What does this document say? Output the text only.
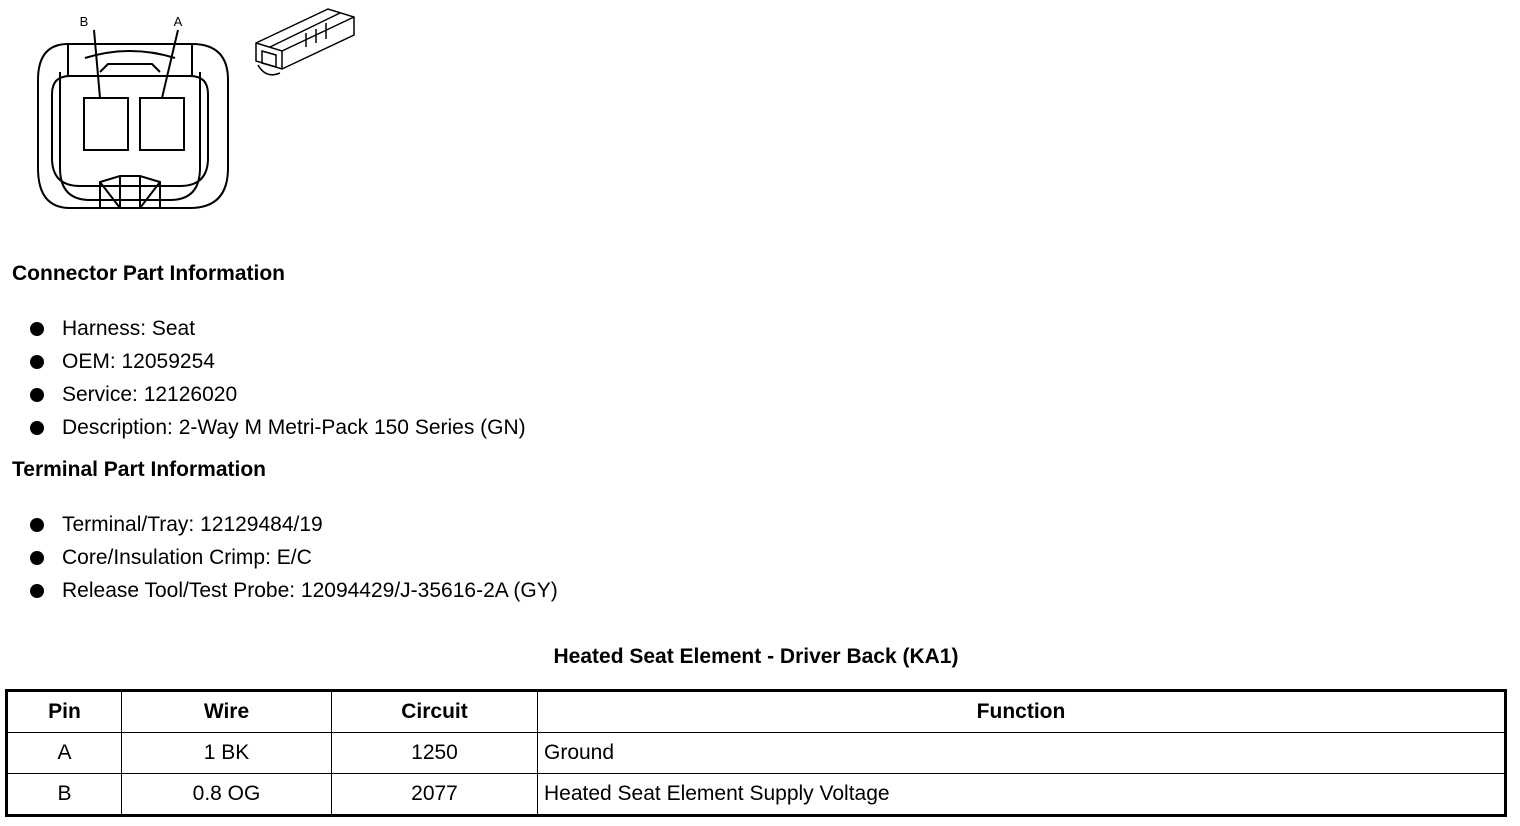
B	A
Connector Part Information
Harness: Seat
OEM: 12059254
Service: 12126020
Description: 2-Way M Metri-Pack 150 Series (GN)
Terminal Part Information
Terminal/Tray: 12129484/19
Core/Insulation Crimp: E/C
Release Tool/Test Probe: 12094429/J-35616-2A (GY)
Heated Seat Element - Driver Back (KA1)
Pin	Wire	Circuit	Function
A	1 BK	1250	Ground
B	0.8 OG	2077	Heated Seat Element Supply Voltage
